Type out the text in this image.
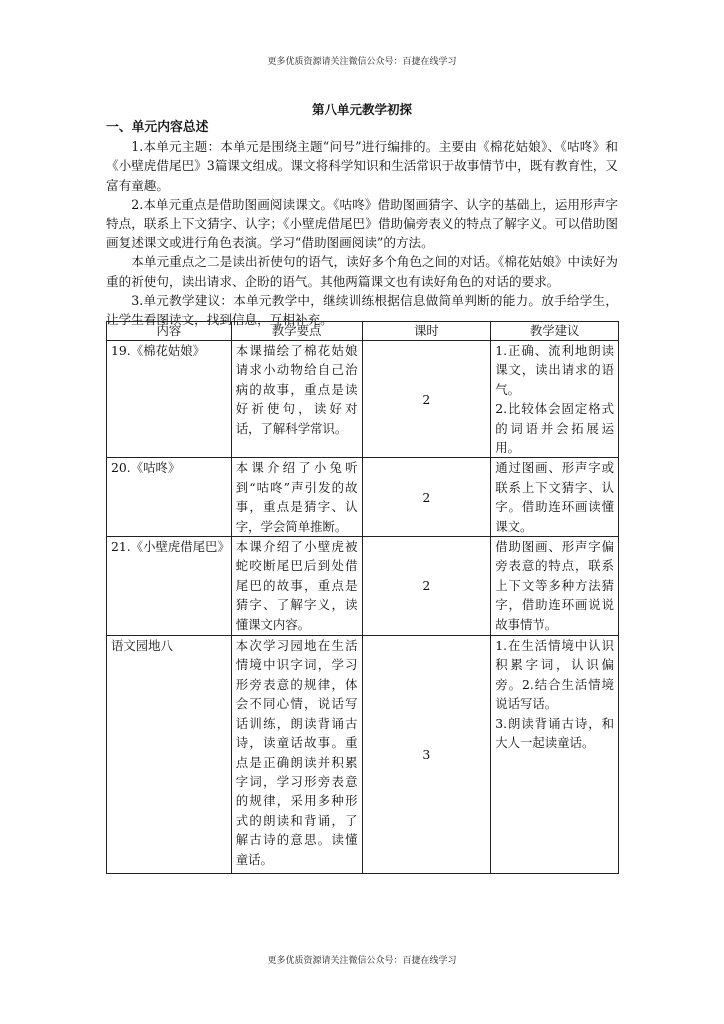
更多优质资源请关注微信公众号：百捷在线学习
第八单元教学初探
一、单元内容总述

1.本单元主题：本单元是围绕主题“问号”进行编排的。主要由《棉花姑娘》、《咕咚》和《小壁虎借尾巴》3篇课文组成。课文将科学知识和生活常识于故事情节中，既有教育性，又富有童趣。

2.本单元重点是借助图画阅读课文。《咕咚》借助图画猜字、认字的基础上，运用形声字特点，联系上下文猜字、认字；《小壁虎借尾巴》借助偏旁表义的特点了解字义。可以借助图画复述课文或进行角色表演。学习“借助图画阅读”的方法。

本单元重点之二是读出祈使句的语气，读好多个角色之间的对话。《棉花姑娘》中读好为重的祈使句，读出请求、企盼的语气。其他两篇课文也有读好角色的对话的要求。

3.单元教学建议：本单元教学中，继续训练根据信息做简单判断的能力。放手给学生，让学生看图读文，找到信息，互相补充。

内容	教学要点	课时	教学建议
19.《棉花姑娘》	本课描绘了棉花姑娘请求小动物给自己治病的故事，重点是读好祈使句，读好对话，了解科学常识。	2	1.正确、流利地朗读课文，读出请求的语气。
2.比较体会固定格式的词语并会拓展运用。

20.《咕咚》	本课介绍了小兔听到“咕咚”声引发的故事，重点是猜字、认字，学会简单推断。	2	通过图画、形声字或联系上下文猜字、认字。借助连环画读懂课文。

21.《小壁虎借尾巴》	本课介绍了小壁虎被蛇咬断尾巴后到处借尾巴的故事，重点是猜字、了解字义，读懂课文内容。	2	借助图画、形声字偏旁表意的特点，联系上下文等多种方法猜字，借助连环画说说故事情节。

语文园地八	本次学习园地在生活情境中识字词，学习形旁表意的规律，体会不同心情，说话写话训练，朗读背诵古诗，读童话故事。重点是正确朗读并积累字词，学习形旁表意的规律，采用多种形式的朗读和背诵，了解古诗的意思。读懂童话。	3	1.在生活情境中认识积累字词，认识偏旁。2.结合生活情境说话写话。
3.朗读背诵古诗，和大人一起读童话。
更多优质资源请关注微信公众号：百捷在线学习
